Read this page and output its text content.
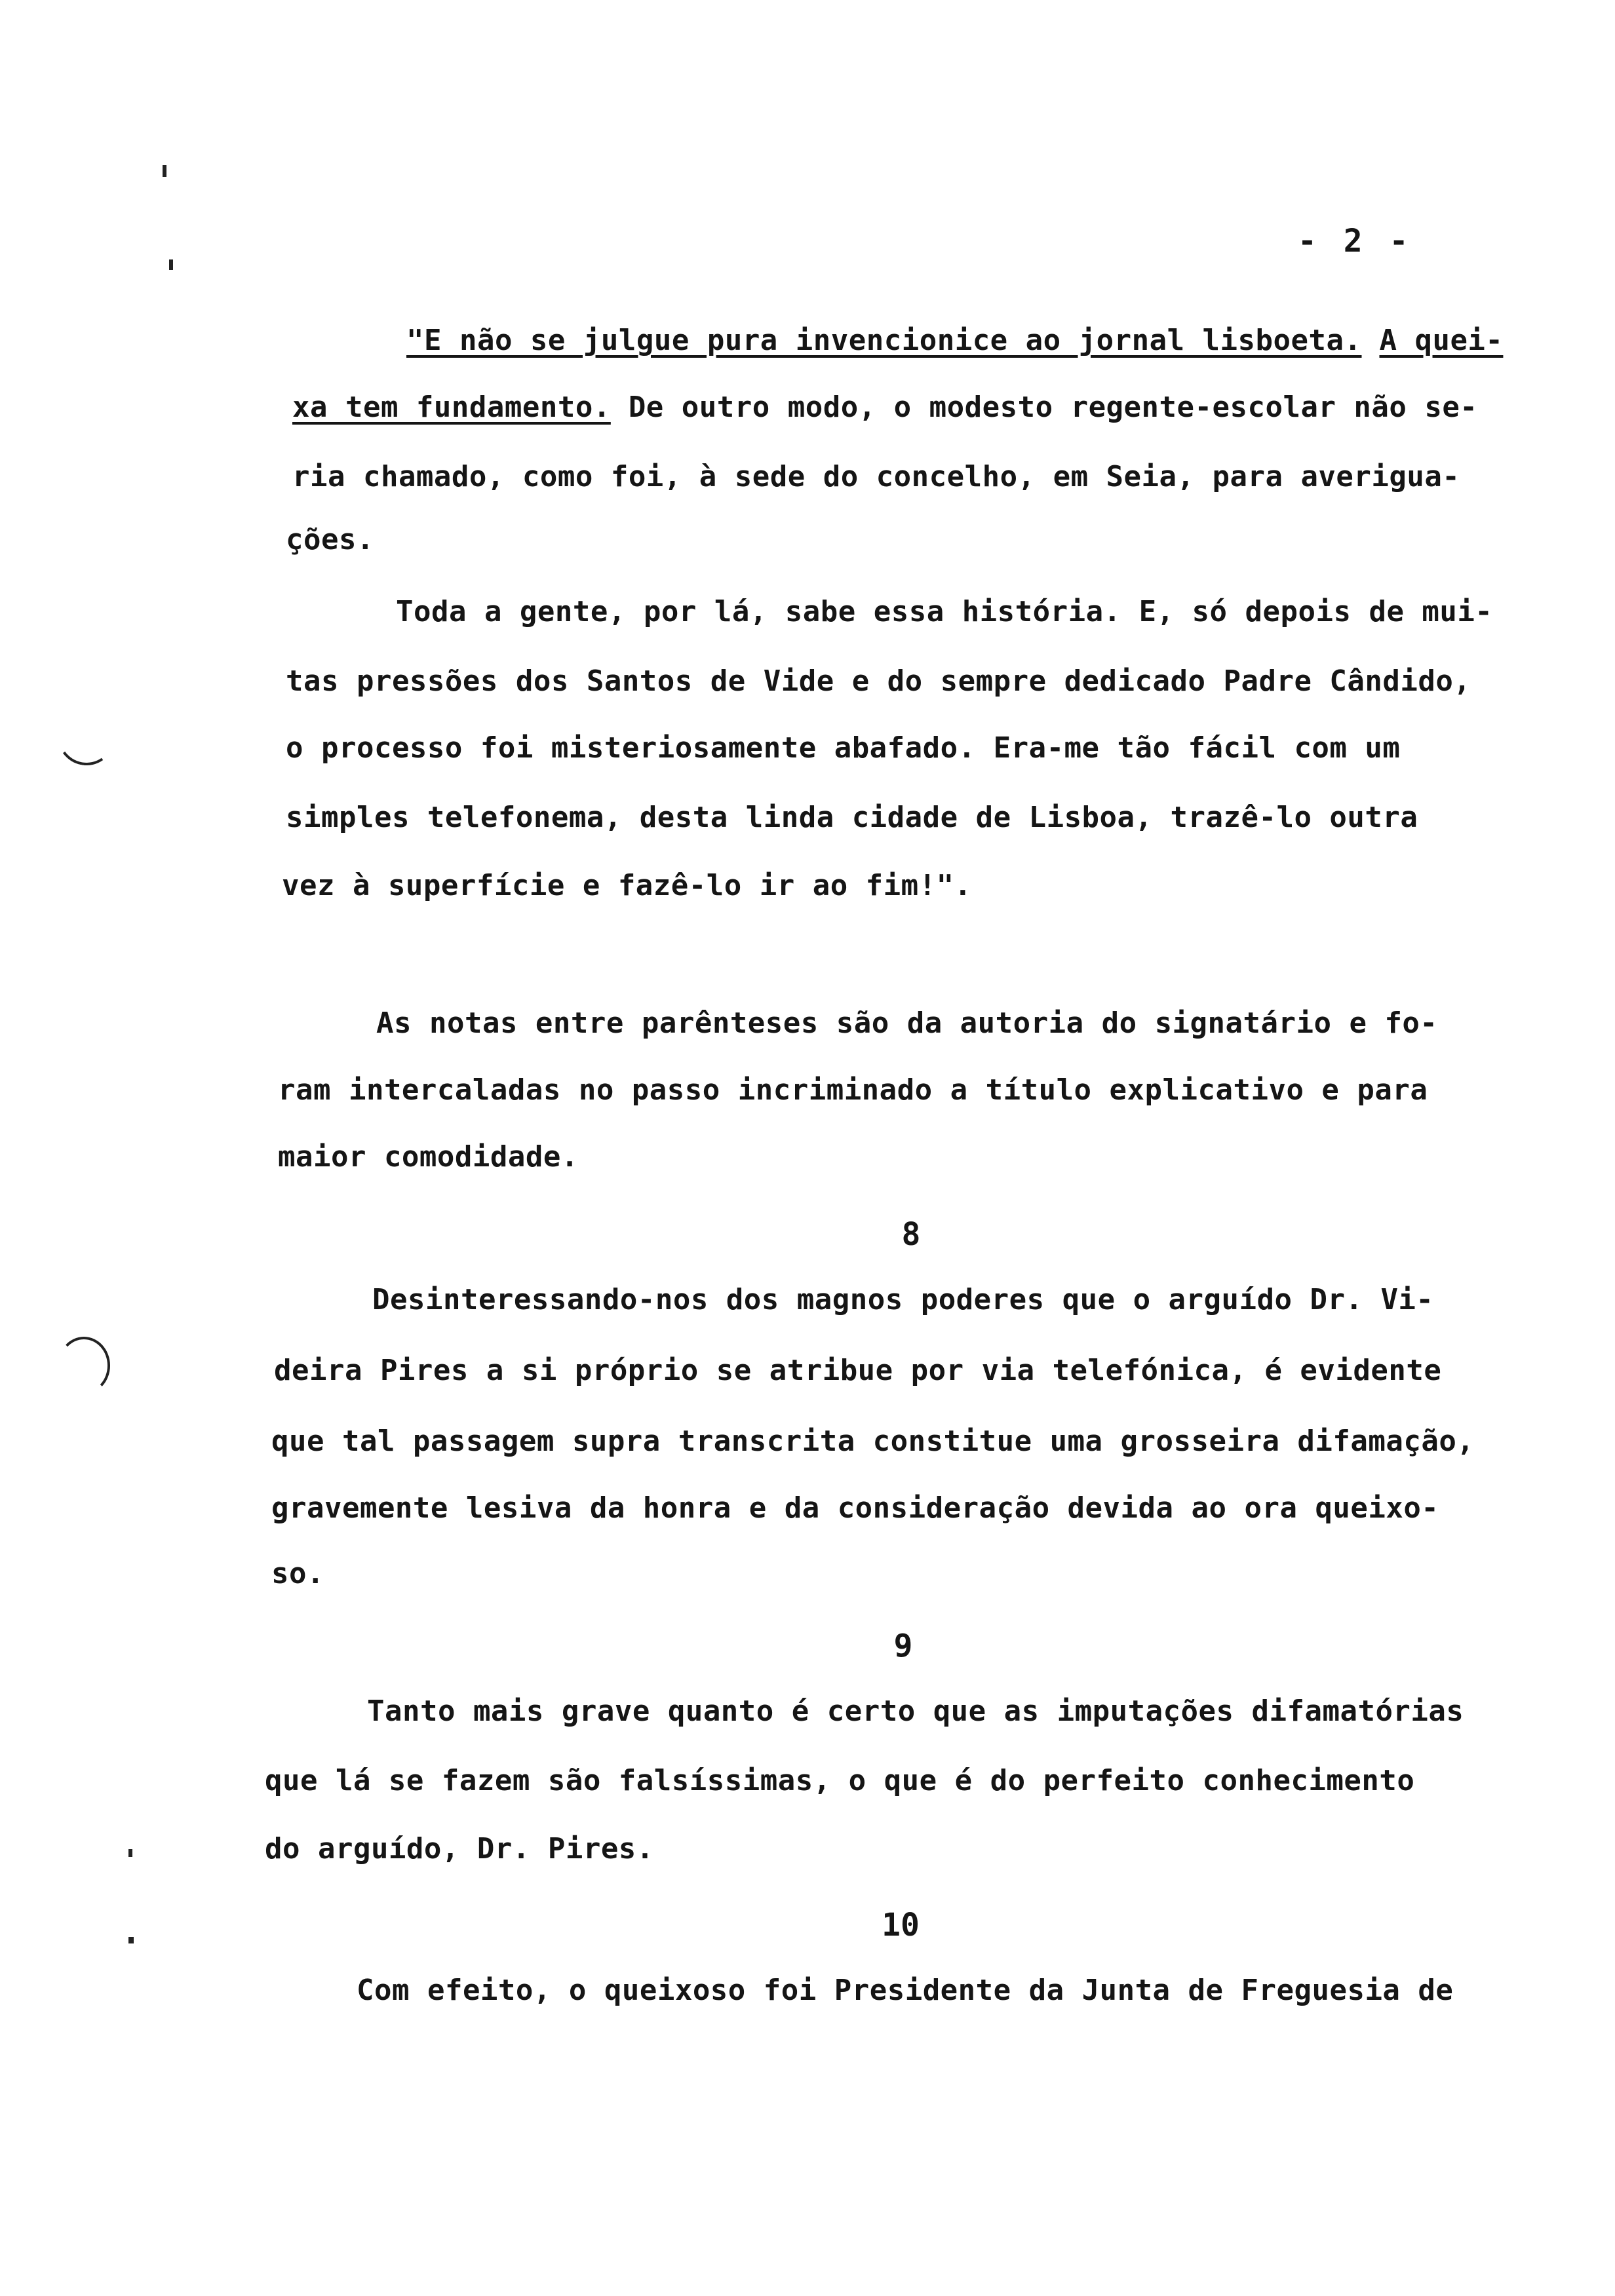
- 2 -
"E não se julgue pura invencionice ao jornal lisboeta. A quei-
xa tem fundamento. De outro modo, o modesto regente-escolar não se-
ria chamado, como foi, à sede do concelho, em Seia, para averigua-
ções.
Toda a gente, por lá, sabe essa história. E, só depois de mui-
tas pressões dos Santos de Vide e do sempre dedicado Padre Cândido,
o processo foi misteriosamente abafado. Era-me tão fácil com um
simples telefonema, desta linda cidade de Lisboa, trazê-lo outra
vez à superfície e fazê-lo ir ao fim!".
As notas entre parênteses são da autoria do signatário e fo-
ram intercaladas no passo incriminado a título explicativo e para
maior comodidade.
8
Desinteressando-nos dos magnos poderes que o arguído Dr. Vi-
deira Pires a si próprio se atribue por via telefónica, é evidente
que tal passagem supra transcrita constitue uma grosseira difamação,
gravemente lesiva da honra e da consideração devida ao ora queixo-
so.
9
Tanto mais grave quanto é certo que as imputações difamatórias
que lá se fazem são falsíssimas, o que é do perfeito conhecimento
do arguído, Dr. Pires.
10
Com efeito, o queixoso foi Presidente da Junta de Freguesia de
